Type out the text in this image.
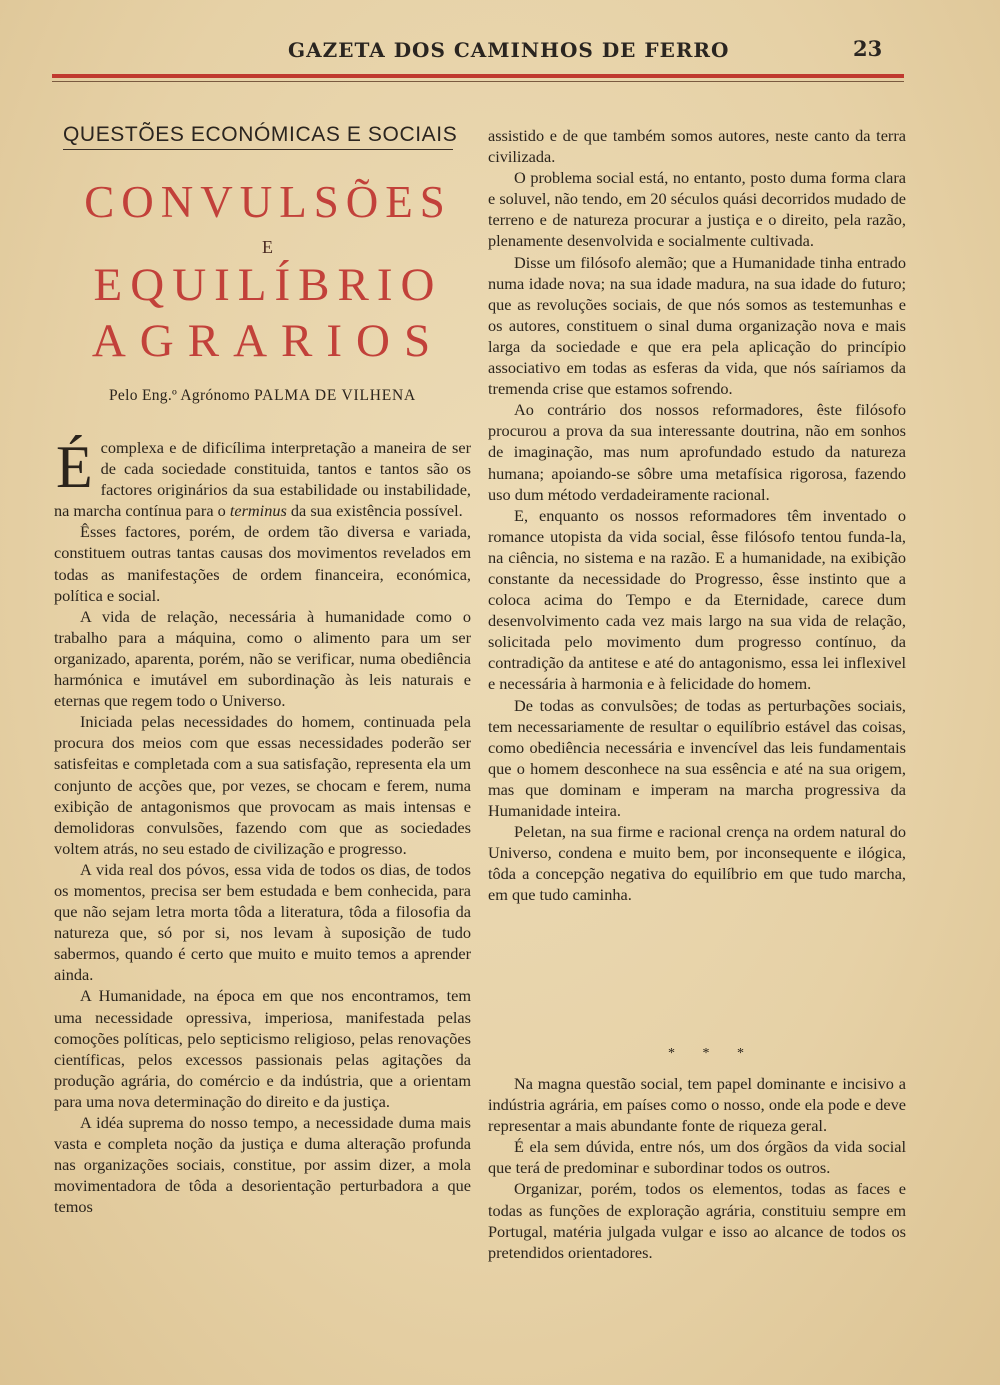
GAZETA DOS CAMINHOS DE FERRO	23
QUESTÕES ECONÓMICAS E SOCIAIS
CONVULSÕES
E
EQUILÍBRIO
AGRARIOS
Pelo Eng.º Agrónomo PALMA DE VILHENA

Écomplexa e de dificílima interpretação a maneira de ser de cada sociedade constituida, tantos e tantos são os factores originários da sua estabilidade ou instabilidade, na marcha contínua para o terminus da sua existência possível.

Êsses factores, porém, de ordem tão diversa e variada, constituem outras tantas causas dos movimentos revelados em todas as manifestações de ordem financeira, económica, política e social.

A vida de relação, necessária à humanidade como o trabalho para a máquina, como o alimento para um ser organizado, aparenta, porém, não se verificar, numa obediência harmónica e imutável em subordinação às leis naturais e eternas que regem todo o Universo.

Iniciada pelas necessidades do homem, continuada pela procura dos meios com que essas necessidades poderão ser satisfeitas e completada com a sua satisfação, representa ela um conjunto de acções que, por vezes, se chocam e ferem, numa exibição de antagonismos que provocam as mais intensas e demolidoras convulsões, fazendo com que as sociedades voltem atrás, no seu estado de civilização e progresso.

A vida real dos póvos, essa vida de todos os dias, de todos os momentos, precisa ser bem estudada e bem conhecida, para que não sejam letra morta tôda a literatura, tôda a filosofia da natureza que, só por si, nos levam à suposição de tudo sabermos, quando é certo que muito e muito temos a aprender ainda.

A Humanidade, na época em que nos encontramos, tem uma necessidade opressiva, imperiosa, manifestada pelas comoções políticas, pelo septicismo religioso, pelas renovações científicas, pelos excessos passionais pelas agitações da produção agrária, do comércio e da indústria, que a orientam para uma nova determinação do direito e da justiça.

A idéa suprema do nosso tempo, a necessidade duma mais vasta e completa noção da justiça e duma alteração profunda nas organizações sociais, constitue, por assim dizer, a mola movimentadora de tôda a desorientação perturbadora a que temos

assistido e de que também somos autores, neste canto da terra civilizada.

O problema social está, no entanto, posto duma forma clara e soluvel, não tendo, em 20 séculos quási decorridos mudado de terreno e de natureza procurar a justiça e o direito, pela razão, plenamente desenvolvida e socialmente cultivada.

Disse um filósofo alemão; que a Humanidade tinha entrado numa idade nova; na sua idade madura, na sua idade do futuro; que as revoluções sociais, de que nós somos as testemunhas e os autores, constituem o sinal duma organização nova e mais larga da sociedade e que era pela aplicação do princípio associativo em todas as esferas da vida, que nós saíriamos da tremenda crise que estamos sofrendo.

Ao contrário dos nossos reformadores, êste filósofo procurou a prova da sua interessante doutrina, não em sonhos de imaginação, mas num aprofundado estudo da natureza humana; apoiando-se sôbre uma metafísica rigorosa, fazendo uso dum método verdadeiramente racional.

E, enquanto os nossos reformadores têm inventado o romance utopista da vida social, êsse filósofo tentou funda-la, na ciência, no sistema e na razão. E a humanidade, na exibição constante da necessidade do Progresso, êsse instinto que a coloca acima do Tempo e da Eternidade, carece dum desenvolvimento cada vez mais largo na sua vida de relação, solicitada pelo movimento dum progresso contínuo, da contradição da antitese e até do antagonismo, essa lei inflexivel e necessária à harmonia e à felicidade do homem.

De todas as convulsões; de todas as perturbações sociais, tem necessariamente de resultar o equilíbrio estável das coisas, como obediência necessária e invencível das leis fundamentais que o homem desconhece na sua essência e até na sua origem, mas que dominam e imperam na marcha progressiva da Humanidade inteira.

Peletan, na sua firme e racional crença na ordem natural do Universo, condena e muito bem, por inconsequente e ilógica, tôda a concepção negativa do equilíbrio em que tudo marcha, em que tudo caminha.

* * *

Na magna questão social, tem papel dominante e incisivo a indústria agrária, em países como o nosso, onde ela pode e deve representar a mais abundante fonte de riqueza geral.

É ela sem dúvida, entre nós, um dos órgãos da vida social que terá de predominar e subordinar todos os outros.

Organizar, porém, todos os elementos, todas as faces e todas as funções de exploração agrária, constituiu sempre em Portugal, matéria julgada vulgar e isso ao alcance de todos os pretendidos orientadores.
